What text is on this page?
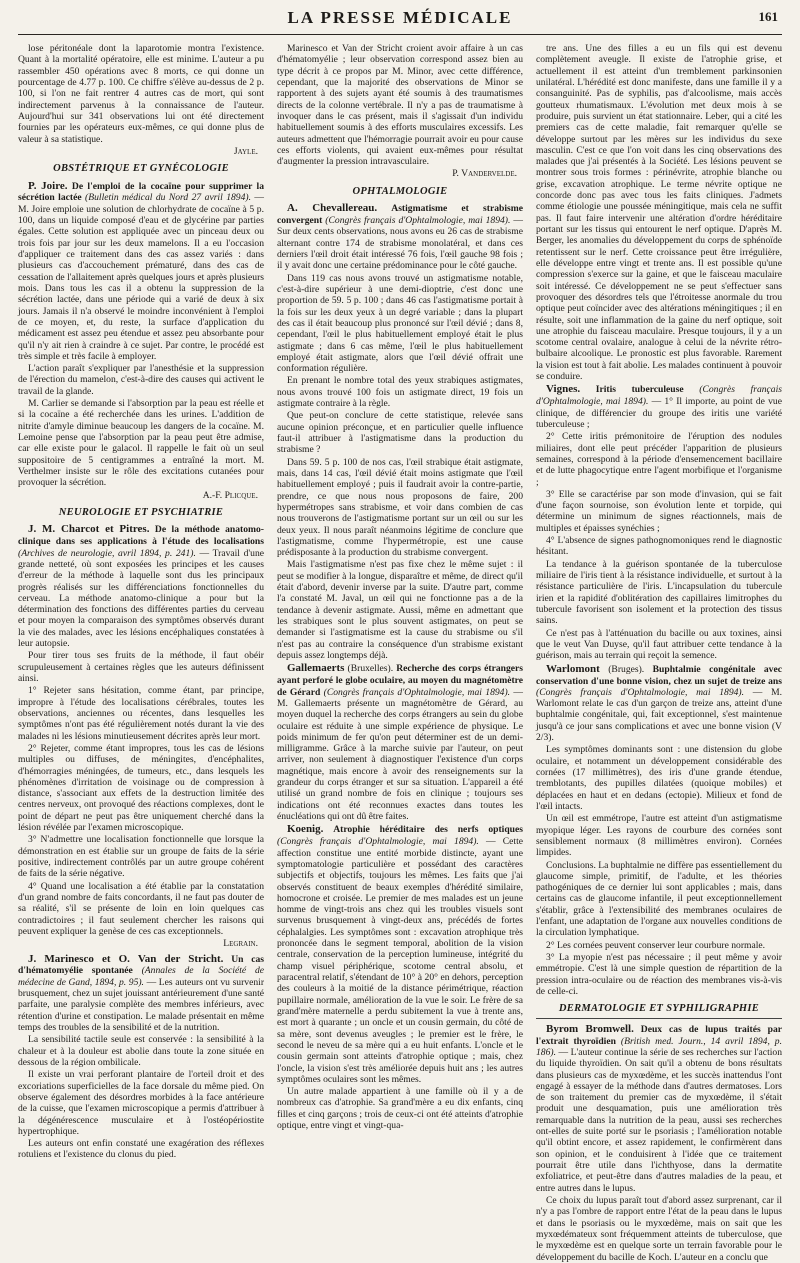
LA PRESSE MÉDICALE	161

lose péritonéale dont la laparotomie montra l'existence. Quant à la mortalité opératoire, elle est minime. L'auteur a pu rassembler 450 opérations avec 8 morts, ce qui donne un pourcentage de 4.77 p. 100. Ce chiffre s'élève au-dessus de 2 p. 100, si l'on ne fait rentrer 4 autres cas de mort, qui sont indirectement parvenus à la connaissance de l'auteur. Aujourd'hui sur 341 observations lui ont été directement fournies par les opérateurs eux-mêmes, ce qui donne plus de valeur à sa statistique.

Jayle.
OBSTÉTRIQUE ET GYNÉCOLOGIE

P. Joire. De l'emploi de la cocaïne pour supprimer la sécrétion lactée (Bulletin médical du Nord 27 avril 1894). — M. Joire emploie une solution de chlorhydrate de cocaïne à 5 p. 100, dans un liquide composé d'eau et de glycérine par parties égales. Cette solution est appliquée avec un pinceau deux ou trois fois par jour sur les deux mamelons. Il a eu l'occasion d'appliquer ce traitement dans des cas assez variés : dans plusieurs cas d'accouchement prématuré, dans des cas de cessation de l'allaitement après quelques jours et après plusieurs mois. Dans tous les cas il a obtenu la suppression de la sécrétion lactée, dans une période qui a varié de deux à six jours. Jamais il n'a observé le moindre inconvénient à l'emploi de ce moyen, et, du reste, la surface d'application du médicament est assez peu étendue et assez peu absorbante pour qu'il n'y ait rien à craindre à ce sujet. Par contre, le procédé est très simple et très facile à employer.

L'action paraît s'expliquer par l'anesthésie et la suppression de l'érection du mamelon, c'est-à-dire des causes qui activent le travail de la glande.

M. Carlier se demande si l'absorption par la peau est réelle et si la cocaïne a été recherchée dans les urines. L'addition de nitrite d'amyle diminue beaucoup les dangers de la cocaïne. M. Lemoine pense que l'absorption par la peau peut être admise, car elle existe pour le galacol. Il rappelle le fait où un seul suppositoire de 5 centigrammes a entraîné la mort. M. Verthelmer insiste sur le rôle des excitations cutanées pour provoquer la sécrétion.

A.-F. Plicque.
NEUROLOGIE ET PSYCHIATRIE

J. M. Charcot et Pitres. De la méthode anatomo-clinique dans ses applications à l'étude des localisations (Archives de neurologie, avril 1894, p. 241). — Travail d'une grande netteté, où sont exposées les principes et les causes d'erreur de la méthode à laquelle sont dus les principaux progrès réalisés sur les différenciations fonctionnelles du cerveau. La méthode anatomo-clinique a pour but la détermination des fonctions des différentes parties du cerveau et pour moyen la comparaison des symptômes observés durant la vie des malades, avec les lésions encéphaliques constatées à leur autopsie.

Pour tirer tous ses fruits de la méthode, il faut obéir scrupuleusement à certaines règles que les auteurs définissent ainsi.

1° Rejeter sans hésitation, comme étant, par principe, impropre à l'étude des localisations cérébrales, toutes les observations, anciennes ou récentes, dans lesquelles les symptômes n'ont pas été régulièrement notés durant la vie des malades ni les lésions minutieusement décrites après leur mort.

2° Rejeter, comme étant impropres, tous les cas de lésions multiples ou diffuses, de méningites, d'encéphalites, d'hémorragies méningées, de tumeurs, etc., dans lesquels les phénomènes d'irritation de voisinage ou de compression à distance, s'associant aux effets de la destruction limitée des centres nerveux, ont provoqué des réactions complexes, dont le point de départ ne peut pas être uniquement cherché dans la lésion révélée par l'examen microscopique.

3° N'admettre une localisation fonctionnelle que lorsque la démonstration en est établie sur un groupe de faits de la série positive, indirectement contrôlés par un autre groupe cohérent de faits de la série négative.

4° Quand une localisation a été établie par la constatation d'un grand nombre de faits concordants, il ne faut pas douter de sa réalité, s'il se présente de loin en loin quelques cas contradictoires ; il faut seulement chercher les raisons qui peuvent expliquer la genèse de ces cas exceptionnels.

Legrain.

J. Marinesco et O. Van der Stricht. Un cas d'hématomyélie spontanée (Annales de la Société de médecine de Gand, 1894, p. 95). — Les auteurs ont vu survenir brusquement, chez un sujet jouissant antérieurement d'une santé parfaite, une paralysie complète des membres inférieurs, avec rétention d'urine et constipation. Le malade présentait en même temps des troubles de la sensibilité et de la nutrition.

La sensibilité tactile seule est conservée : la sensibilité à la chaleur et à la douleur est abolie dans toute la zone située en dessous de la région ombilicale.

Il existe un vrai perforant plantaire de l'orteil droit et des excoriations superficielles de la face dorsale du même pied. On observe également des désordres morbides à la face antérieure de la cuisse, que l'examen microscopique a permis d'attribuer à la dégénérescence musculaire et à l'ostéopériostite hypertrophique.

Les auteurs ont enfin constaté une exagération des réflexes rotuliens et l'existence du clonus du pied.

Marinesco et Van der Stricht croient avoir affaire à un cas d'hématomyélie ; leur observation correspond assez bien au type décrit à ce propos par M. Minor, avec cette différence, cependant, que la majorité des observations de Minor se rapportent à des sujets ayant été soumis à des traumatismes directs de la colonne vertébrale. Il n'y a pas de traumatisme à invoquer dans le cas présent, mais il s'agissait d'un individu habituellement soumis à des efforts musculaires excessifs. Les auteurs admettent que l'hémorragie pourrait avoir eu pour cause ces efforts violents, qui avaient eux-mêmes pour résultat d'augmenter la pression intravasculaire.

P. Vandervelde.
OPHTALMOLOGIE

A. Chevallereau. Astigmatisme et strabisme convergent (Congrès français d'Ophtalmologie, mai 1894). — Sur deux cents observations, nous avons eu 26 cas de strabisme alternant contre 174 de strabisme monolatéral, et dans ces derniers l'œil droit était intéressé 76 fois, l'œil gauche 98 fois ; il y avait donc une certaine prédominance pour le côté gauche.

Dans 119 cas nous avons trouvé un astigmatisme notable, c'est-à-dire supérieur à une demi-dioptrie, c'est donc une proportion de 59. 5 p. 100 ; dans 46 cas l'astigmatisme portait à la fois sur les deux yeux à un degré variable ; dans la plupart des cas il était beaucoup plus prononcé sur l'œil dévié ; dans 8, cependant, l'œil le plus habituellement employé était le plus astigmate ; dans 6 cas même, l'œil le plus habituellement employé était astigmate, alors que l'œil dévié offrait une conformation régulière.

En prenant le nombre total des yeux strabiques astigmates, nous avons trouvé 100 fois un astigmate direct, 19 fois un astigmate contraire à la règle.

Que peut-on conclure de cette statistique, relevée sans aucune opinion préconçue, et en particulier quelle influence faut-il attribuer à l'astigmatisme dans la production du strabisme ?

Dans 59. 5 p. 100 de nos cas, l'œil strabique était astigmate, mais, dans 14 cas, l'œil dévié était moins astigmate que l'œil habituellement employé ; puis il faudrait avoir la contre-partie, prendre, ce que nous nous proposons de faire, 200 hypermétropes sans strabisme, et voir dans combien de cas nous trouverons de l'astigmatisme portant sur un œil ou sur les deux yeux. Il nous paraît néanmoins légitime de conclure que l'astigmatisme, comme l'hypermétropie, est une cause prédisposante à la production du strabisme convergent.

Mais l'astigmatisme n'est pas fixe chez le même sujet : il peut se modifier à la longue, disparaître et même, de direct qu'il était d'abord, devenir inverse par la suite. D'autre part, comme l'a constaté M. Javal, un œil qui ne fonctionne pas a de la tendance à devenir astigmate. Aussi, même en admettant que les strabiques sont le plus souvent astigmates, on peut se demander si l'astigmatisme est la cause du strabisme ou s'il n'est pas au contraire la conséquence d'un strabisme existant depuis assez longtemps déjà.

Gallemaerts (Bruxelles). Recherche des corps étrangers ayant perforé le globe oculaire, au moyen du magnétomètre de Gérard (Congrès français d'Ophtalmologie, mai 1894). — M. Gallemaerts présente un magnétomètre de Gérard, au moyen duquel la recherche des corps étrangers au sein du globe oculaire est réduite à une simple expérience de physique. Le poids minimum de fer qu'on peut déterminer est de un demi-milligramme. Grâce à la marche suivie par l'auteur, on peut arriver, non seulement à diagnostiquer l'existence d'un corps magnétique, mais encore à avoir des renseignements sur la grandeur du corps étranger et sur sa situation. L'appareil a été utilisé un grand nombre de fois en clinique ; toujours ses indications ont été reconnues exactes dans toutes les énucléations qui ont dû être faites.

Koenig. Atrophie héréditaire des nerfs optiques (Congrès français d'Ophtalmologie, mai 1894). — Cette affection constitue une entité morbide distincte, ayant une symptomatologie particulière et possédant des caractères subjectifs et objectifs, toujours les mêmes. Les faits que j'ai observés constituent de beaux exemples d'hérédité similaire, homocrone et croisée. Le premier de mes malades est un jeune homme de vingt-trois ans chez qui les troubles visuels sont survenus brusquement à vingt-deux ans, précédés de fortes céphalalgies. Les symptômes sont : excavation atrophique très prononcée dans le segment temporal, abolition de la vision centrale, conservation de la perception lumineuse, intégrité du champ visuel périphérique, scotome central absolu, et paracentral relatif, s'étendant de 10° à 20° en dehors, perception des couleurs à la moitié de la distance périmétrique, réaction pupillaire normale, amélioration de la vue le soir. Le frère de sa grand'mère maternelle a perdu subitement la vue à trente ans, est mort à quarante ; un oncle et un cousin germain, du côté de sa mère, sont devenus aveugles ; le premier est le frère, le second le neveu de sa mère qui a eu huit enfants. L'oncle et le cousin germain sont atteints d'atrophie optique ; mais, chez l'oncle, la vision s'est très améliorée depuis huit ans ; les autres symptômes oculaires sont les mêmes.

Un autre malade appartient à une famille où il y a de nombreux cas d'atrophie. Sa grand'mère a eu dix enfants, cinq filles et cinq garçons ; trois de ceux-ci ont été atteints d'atrophie optique, entre vingt et vingt-qua-

tre ans. Une des filles a eu un fils qui est devenu complètement aveugle. Il existe de l'atrophie grise, et actuellement il est atteint d'un tremblement parkinsonien unilatéral. L'hérédité est donc manifeste, dans une famille il y a consanguinité. Pas de syphilis, pas d'alcoolisme, mais accès goutteux rhumatismaux. L'évolution met deux mois à se produire, puis survient un état stationnaire. Leber, qui a cité les premiers cas de cette maladie, fait remarquer qu'elle se développe surtout par les mères sur les individus du sexe masculin. C'est ce que l'on voit dans les cinq observations des malades que j'ai présentés à la Société. Les lésions peuvent se montrer sous trois formes : périnévrite, atrophie blanche ou grise, excavation atrophique. Le terme névrite optique ne concorde donc pas avec tous les faits cliniques. J'admets comme étiologie une poussée méningitique, mais cela ne suffit pas. Il faut faire intervenir une altération d'ordre héréditaire portant sur les tissus qui entourent le nerf optique. D'après M. Berger, les anomalies du développement du corps de sphénoïde retentissent sur le nerf. Cette croissance peut être irrégulière, elle développe entre vingt et trente ans. Il est possible qu'une compression s'exerce sur la gaine, et que le faisceau maculaire soit intéressé. Ce développement ne se peut s'effectuer sans provoquer des désordres tels que l'étroitesse anormale du trou optique peut coïncider avec des altérations méningitiques ; il en résulte, soit une inflammation de la gaine du nerf optique, soit une atrophie du faisceau maculaire. Presque toujours, il y a un scotome central ovalaire, analogue à celui de la névrite rétro-bulbaire alcoolique. Le pronostic est plus favorable. Rarement la vision est tout à fait abolie. Les malades continuent à pouvoir se conduire.

Vignes. Iritis tuberculeuse (Congrès français d'Ophtalmologie, mai 1894). — 1° Il importe, au point de vue clinique, de différencier du groupe des iritis une variété tuberculeuse ;

2° Cette iritis prémonitoire de l'éruption des nodules miliaires, dont elle peut précéder l'apparition de plusieurs semaines, correspond à la période d'ensemencement bacillaire et de lutte phagocytique entre l'agent morbifique et l'organisme ;

3° Elle se caractérise par son mode d'invasion, qui se fait d'une façon sournoise, son évolution lente et torpide, qui détermine un minimum de signes réactionnels, mais de multiples et épaisses synéchies ;

4° L'absence de signes pathognomoniques rend le diagnostic hésitant.

La tendance à la guérison spontanée de la tuberculose miliaire de l'iris tient à la résistance individuelle, et surtout à la résistance particulière de l'iris. L'incapsulation du tubercule irien et la rapidité d'oblitération des capillaires limitrophes du tubercule favorisent son isolement et la protection des tissus sains.

Ce n'est pas à l'atténuation du bacille ou aux toxines, ainsi que le veut Van Duyse, qu'il faut attribuer cette tendance à la guérison, mais au terrain qui reçoit la semence.

Warlomont (Bruges). Buphtalmie congénitale avec conservation d'une bonne vision, chez un sujet de treize ans (Congrès français d'Ophtalmologie, mai 1894). — M. Warlomont relate le cas d'un garçon de treize ans, atteint d'une buphtalmie congénitale, qui, fait exceptionnel, s'est maintenue jusqu'à ce jour sans complications et avec une bonne vision (V 2/3).

Les symptômes dominants sont : une distension du globe oculaire, et notamment un développement considérable des cornées (17 millimètres), des iris d'une grande étendue, tremblotants, des pupilles dilatées (quoique mobiles) et déplacées en haut et en dedans (ectopie). Milieux et fond de l'œil intacts.

Un œil est emmétrope, l'autre est atteint d'un astigmatisme myopique léger. Les rayons de courbure des cornées sont sensiblement normaux (8 millimètres environ). Cornées limpides.

Conclusions. La buphtalmie ne diffère pas essentiellement du glaucome simple, primitif, de l'adulte, et les théories pathogéniques de ce dernier lui sont applicables ; mais, dans certains cas de glaucome infantile, il peut exceptionnellement s'établir, grâce à l'extensibilité des membranes oculaires de l'enfant, une adaptation de l'organe aux nouvelles conditions de la circulation lymphatique.

2° Les cornées peuvent conserver leur courbure normale.

3° La myopie n'est pas nécessaire ; il peut même y avoir emmétropie. C'est là une simple question de répartition de la pression intra-oculaire ou de réaction des membranes vis-à-vis de celle-ci.

DERMATOLOGIE ET SYPHILIGRAPHIE

Byrom Bromwell. Deux cas de lupus traités par l'extrait thyroïdien (British med. Journ., 14 avril 1894, p. 186). — L'auteur continue la série de ses recherches sur l'action du liquide thyroïdien. On sait qu'il a obtenu de bons résultats dans plusieurs cas de myxœdème, et les succès inattendus l'ont engagé à essayer de la méthode dans d'autres dermatoses. Lors de son traitement du premier cas de myxœdème, il s'était produit une desquamation, puis une amélioration très remarquable dans la nutrition de la peau, aussi ses recherches ont-elles de suite porté sur le psoriasis ; l'amélioration notable qu'il obtint encore, et assez rapidement, le confirmèrent dans son opinion, et le conduisirent à l'idée que ce traitement pourrait être utile dans l'ichthyose, dans la dermatite exfoliatrice, et peut-être dans d'autres maladies de la peau, et entre autres dans le lupus.

Ce choix du lupus paraît tout d'abord assez surprenant, car il n'y a pas l'ombre de rapport entre l'état de la peau dans le lupus et dans le psoriasis ou le myxœdème, mais on sait que les myxœdémateux sont fréquemment atteints de tuberculose, que le myxœdème est en quelque sorte un terrain favorable pour le développement du bacille de Koch. L'auteur en a conclu que
